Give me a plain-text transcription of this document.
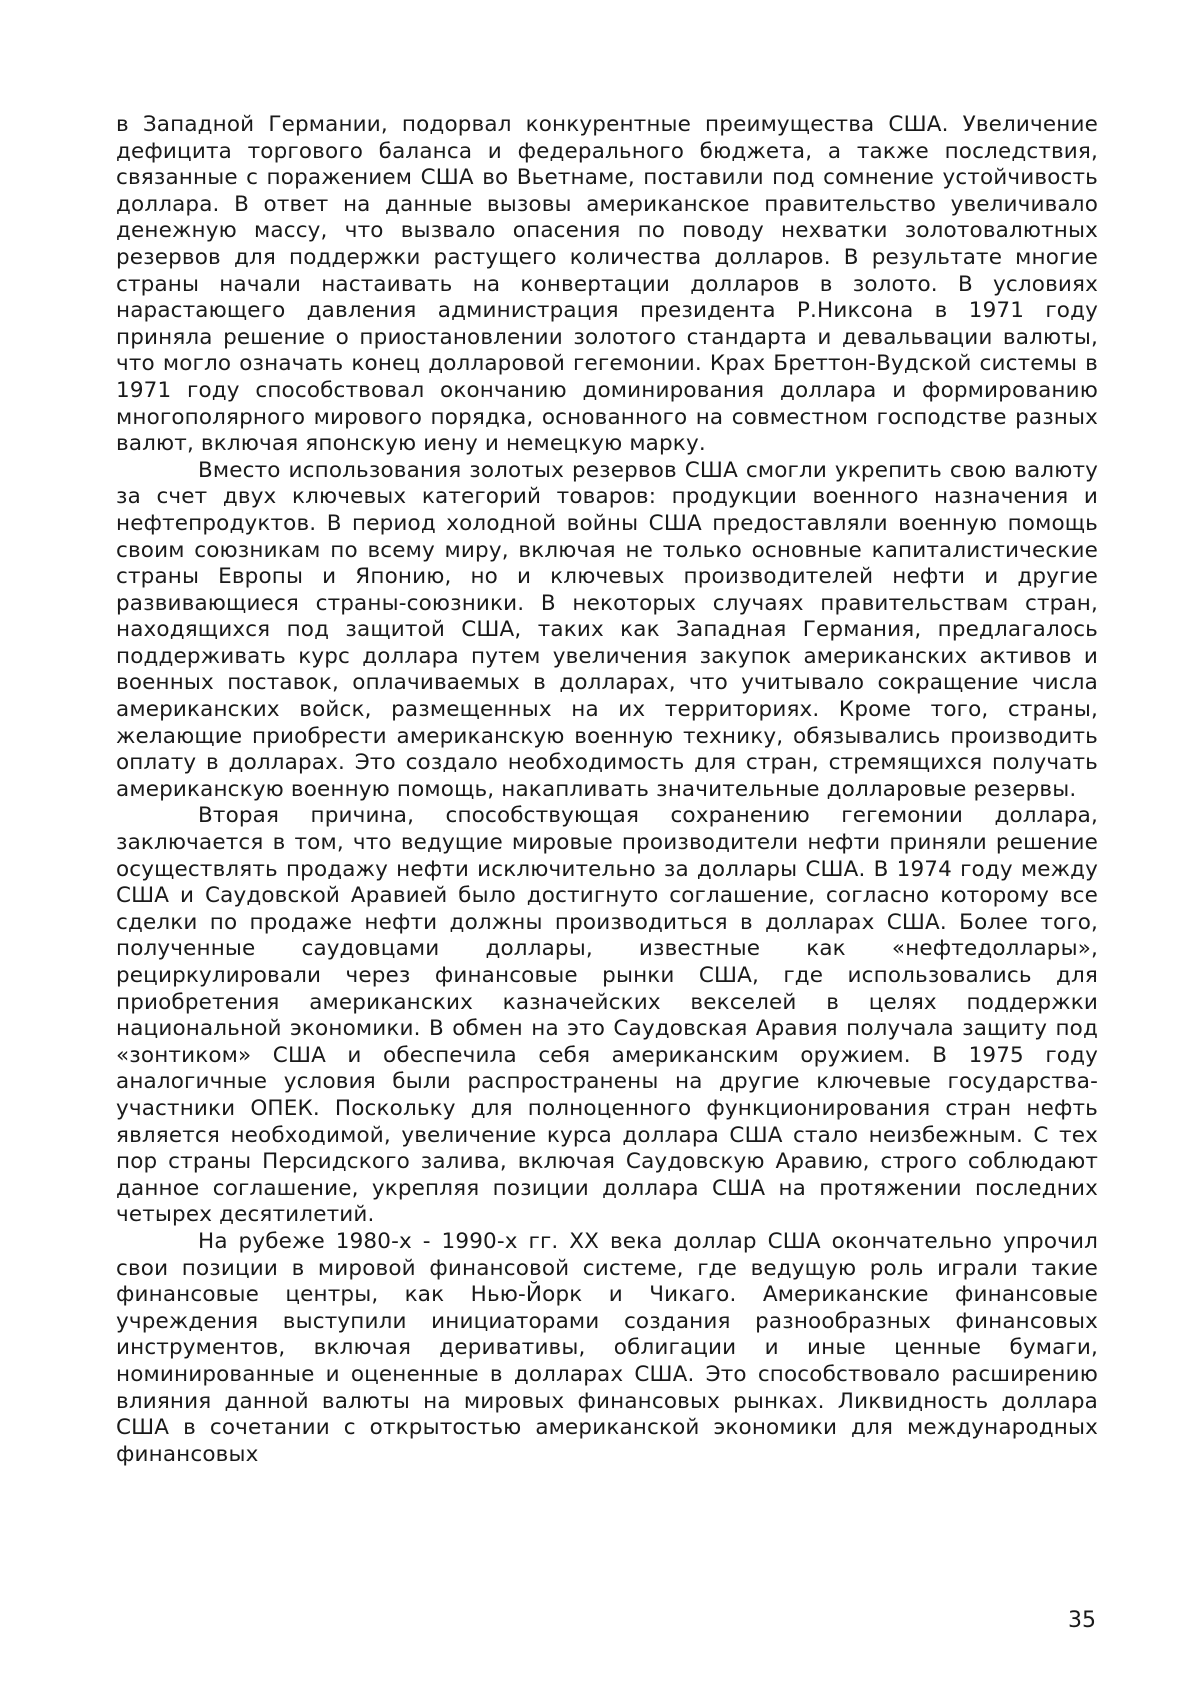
в Западной Германии, подорвал конкурентные преимущества США. Увеличение дефицита торгового баланса и федерального бюджета, а также последствия, связанные с поражением США во Вьетнаме, поставили под сомнение устойчивость доллара. В ответ на данные вызовы американское правительство увеличивало денежную массу, что вызвало опасения по поводу нехватки золотовалютных резервов для поддержки растущего количества долларов. В результате многие страны начали настаивать на конвертации долларов в золото. В условиях нарастающего давления администрация президента Р.Никсона в 1971 году приняла решение о приостановлении золотого стандарта и девальвации валюты, что могло означать конец долларовой гегемонии. Крах Бреттон-Вудской системы в 1971 году способствовал окончанию доминирования доллара и формированию многополярного мирового порядка, основанного на совместном господстве разных валют, включая японскую иену и немецкую марку.

Вместо использования золотых резервов США смогли укрепить свою валюту за счет двух ключевых категорий товаров: продукции военного назначения и нефтепродуктов. В период холодной войны США предоставляли военную помощь своим союзникам по всему миру, включая не только основные капиталистические страны Европы и Японию, но и ключевых производителей нефти и другие развивающиеся страны-союзники. В некоторых случаях правительствам стран, находящихся под защитой США, таких как Западная Германия, предлагалось поддерживать курс доллара путем увеличения закупок американских активов и военных поставок, оплачиваемых в долларах, что учитывало сокращение числа американских войск, размещенных на их территориях. Кроме того, страны, желающие приобрести американскую военную технику, обязывались производить оплату в долларах. Это создало необходимость для стран, стремящихся получать американскую военную помощь, накапливать значительные долларовые резервы.

Вторая причина, способствующая сохранению гегемонии доллара, заключается в том, что ведущие мировые производители нефти приняли решение осуществлять продажу нефти исключительно за доллары США. В 1974 году между США и Саудовской Аравией было достигнуто соглашение, согласно которому все сделки по продаже нефти должны производиться в долларах США. Более того, полученные саудовцами доллары, известные как «нефтедоллары», рециркулировали через финансовые рынки США, где использовались для приобретения американских казначейских векселей в целях поддержки национальной экономики. В обмен на это Саудовская Аравия получала защиту под «зонтиком» США и обеспечила себя американским оружием. В 1975 году аналогичные условия были распространены на другие ключевые государства-участники ОПЕК. Поскольку для полноценного функционирования стран нефть является необходимой, увеличение курса доллара США стало неизбежным. С тех пор страны Персидского залива, включая Саудовскую Аравию, строго соблюдают данное соглашение, укрепляя позиции доллара США на протяжении последних четырех десятилетий.

На рубеже 1980-х - 1990-х гг. XX века доллар США окончательно упрочил свои позиции в мировой финансовой системе, где ведущую роль играли такие финансовые центры, как Нью-Йорк и Чикаго. Американские финансовые учреждения выступили инициаторами создания разнообразных финансовых инструментов, включая деривативы, облигации и иные ценные бумаги, номинированные и оцененные в долларах США. Это способствовало расширению влияния данной валюты на мировых финансовых рынках. Ликвидность доллара США в сочетании с открытостью американской экономики для международных финансовых

35
